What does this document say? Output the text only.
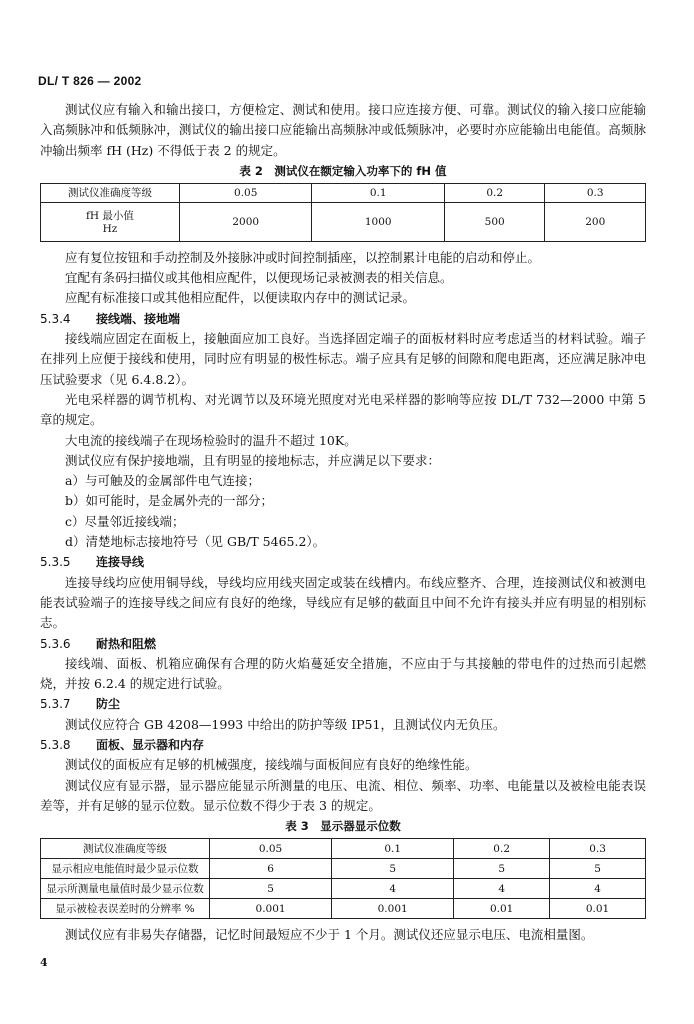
DL/ T 826 — 2002

测试仪应有输入和输出接口，方便检定、测试和使用。接口应连接方便、可靠。测试仪的输入接口应能输入高频脉冲和低频脉冲，测试仪的输出接口应能输出高频脉冲或低频脉冲，必要时亦应能输出电能值。高频脉冲输出频率 fH (Hz) 不得低于表 2 的规定。

表 2　测试仪在额定输入功率下的 fH 值
测试仪准确度等级	0.05	0.1	0.2	0.3

fH 最小值
Hz	2000	1000	500	200

应有复位按钮和手动控制及外接脉冲或时间控制插座，以控制累计电能的启动和停止。

宜配有条码扫描仪或其他相应配件，以便现场记录被测表的相关信息。

应配有标准接口或其他相应配件，以便读取内存中的测试记录。

5.3.4 接线端、接地端

接线端应固定在面板上，接触面应加工良好。当选择固定端子的面板材料时应考虑适当的材料试验。端子在排列上应便于接线和使用，同时应有明显的极性标志。端子应具有足够的间隙和爬电距离，还应满足脉冲电压试验要求（见 6.4.8.2）。

光电采样器的调节机构、对光调节以及环境光照度对光电采样器的影响等应按 DL/T 732—2000 中第 5 章的规定。

大电流的接线端子在现场检验时的温升不超过 10K。

测试仪应有保护接地端，且有明显的接地标志，并应满足以下要求：

a）与可触及的金属部件电气连接；

b）如可能时，是金属外壳的一部分；

c）尽量邻近接线端；

d）清楚地标志接地符号（见 GB/T 5465.2）。

5.3.5 连接导线

连接导线均应使用铜导线，导线均应用线夹固定或装在线槽内。布线应整齐、合理，连接测试仪和被测电能表试验端子的连接导线之间应有良好的绝缘，导线应有足够的截面且中间不允许有接头并应有明显的相别标志。

5.3.6 耐热和阻燃

接线端、面板、机箱应确保有合理的防火焰蔓延安全措施，不应由于与其接触的带电件的过热而引起燃烧，并按 6.2.4 的规定进行试验。

5.3.7 防尘

测试仪应符合 GB 4208—1993 中给出的防护等级 IP51，且测试仪内无负压。

5.3.8 面板、显示器和内存

测试仪的面板应有足够的机械强度，接线端与面板间应有良好的绝缘性能。

测试仪应有显示器，显示器应能显示所测量的电压、电流、相位、频率、功率、电能量以及被检电能表误差等，并有足够的显示位数。显示位数不得少于表 3 的规定。

表 3　显示器显示位数
测试仪准确度等级	0.05	0.1	0.2	0.3
显示相应电能值时最少显示位数	6	5	5	5
显示所测量电量值时最少显示位数	5	4	4	4
显示被检表误差时的分辨率 %	0.001	0.001	0.01	0.01

测试仪应有非易失存储器，记忆时间最短应不少于 1 个月。测试仪还应显示电压、电流相量图。

4
